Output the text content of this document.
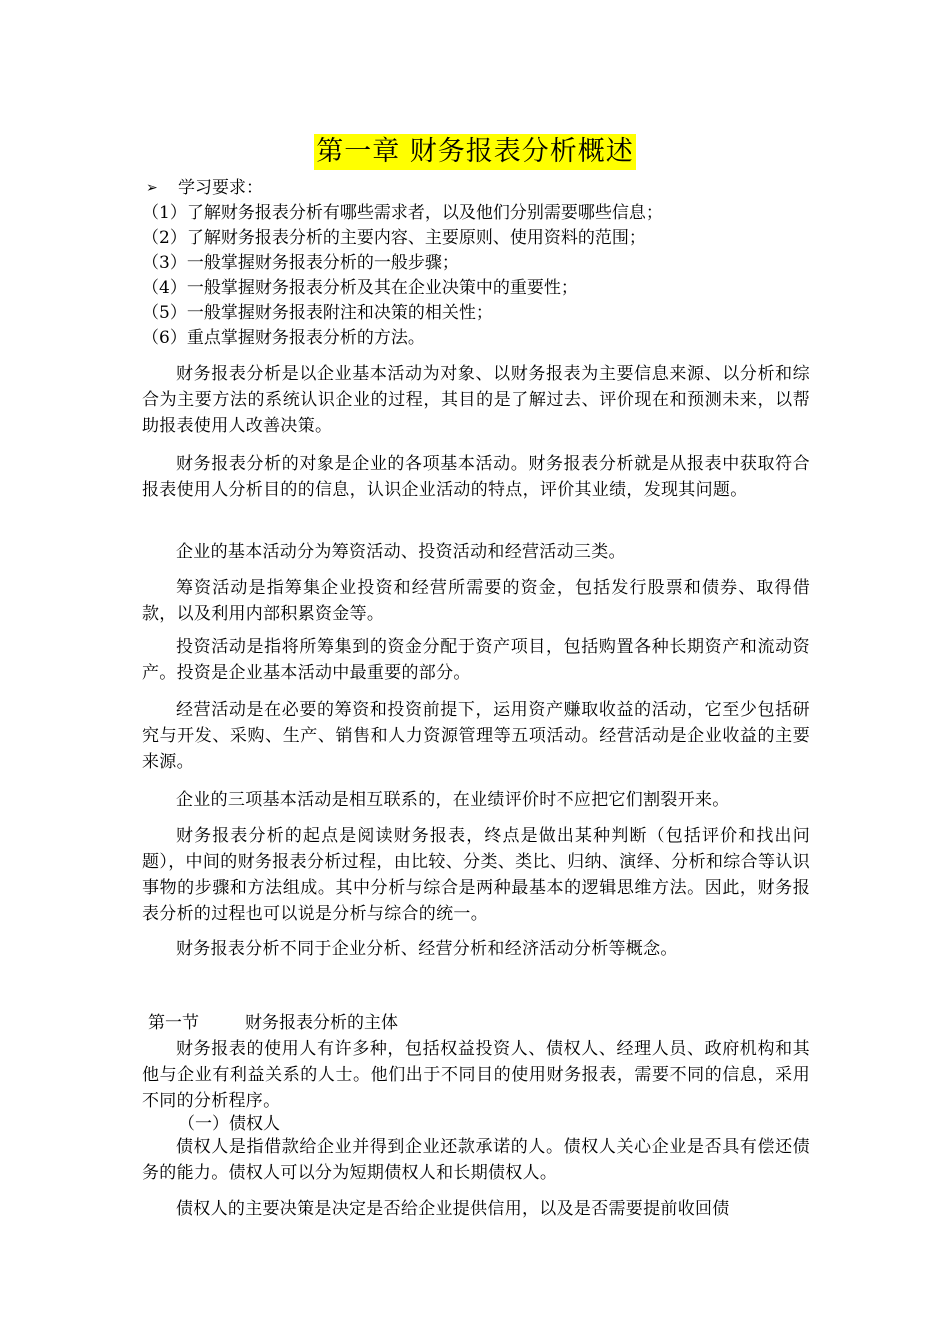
第一章 财务报表分析概述
➢ 学习要求：
（1）了解财务报表分析有哪些需求者，以及他们分别需要哪些信息；
（2）了解财务报表分析的主要内容、主要原则、使用资料的范围；
（3）一般掌握财务报表分析的一般步骤；
（4）一般掌握财务报表分析及其在企业决策中的重要性；
（5）一般掌握财务报表附注和决策的相关性；
（6）重点掌握财务报表分析的方法。
财务报表分析是以企业基本活动为对象、以财务报表为主要信息来源、以分析和综合为主要方法的系统认识企业的过程，其目的是了解过去、评价现在和预测未来，以帮助报表使用人改善决策。
财务报表分析的对象是企业的各项基本活动。财务报表分析就是从报表中获取符合报表使用人分析目的的信息，认识企业活动的特点，评价其业绩，发现其问题。
企业的基本活动分为筹资活动、投资活动和经营活动三类。
筹资活动是指筹集企业投资和经营所需要的资金，包括发行股票和债券、取得借款，以及利用内部积累资金等。
投资活动是指将所筹集到的资金分配于资产项目，包括购置各种长期资产和流动资产。投资是企业基本活动中最重要的部分。
经营活动是在必要的筹资和投资前提下，运用资产赚取收益的活动，它至少包括研究与开发、采购、生产、销售和人力资源管理等五项活动。经营活动是企业收益的主要来源。
企业的三项基本活动是相互联系的，在业绩评价时不应把它们割裂开来。
财务报表分析的起点是阅读财务报表，终点是做出某种判断（包括评价和找出问题），中间的财务报表分析过程，由比较、分类、类比、归纳、演绎、分析和综合等认识事物的步骤和方法组成。其中分析与综合是两种最基本的逻辑思维方法。因此，财务报表分析的过程也可以说是分析与综合的统一。
财务报表分析不同于企业分析、经营分析和经济活动分析等概念。
第一节	财务报表分析的主体
财务报表的使用人有许多种，包括权益投资人、债权人、经理人员、政府机构和其他与企业有利益关系的人士。他们出于不同目的使用财务报表，需要不同的信息，采用不同的分析程序。
（一）债权人
债权人是指借款给企业并得到企业还款承诺的人。债权人关心企业是否具有偿还债务的能力。债权人可以分为短期债权人和长期债权人。
债权人的主要决策是决定是否给企业提供信用，以及是否需要提前收回债
